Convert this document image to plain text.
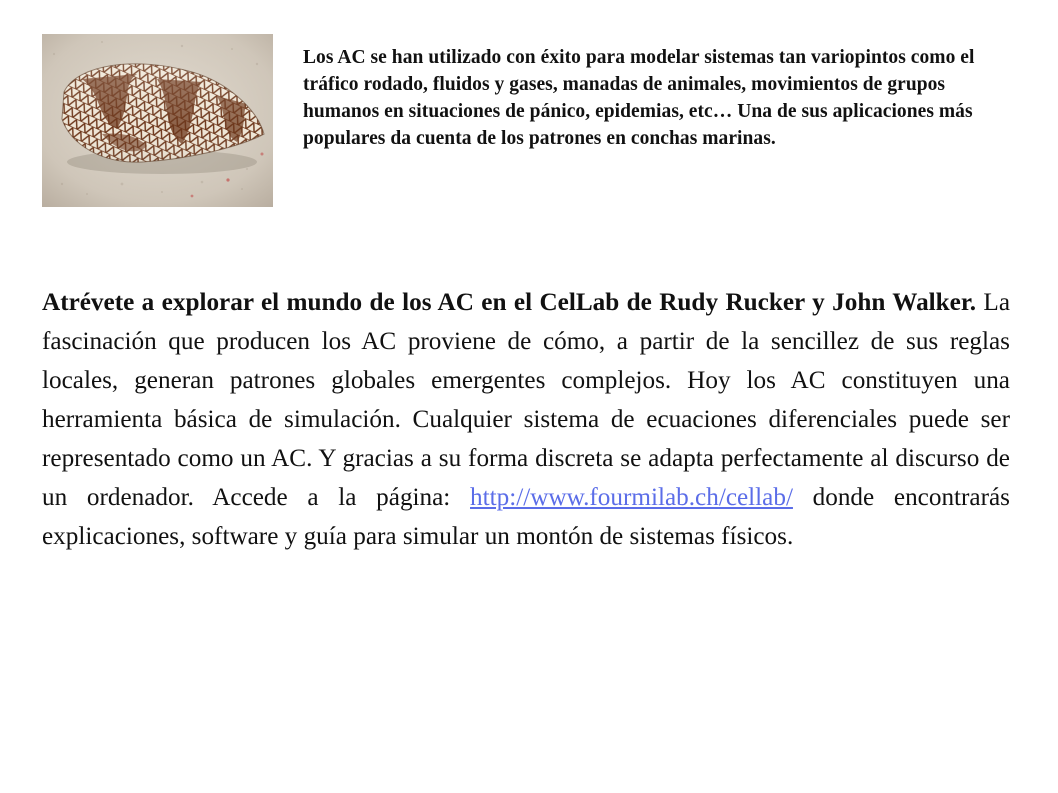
Los AC se han utilizado con éxito para modelar sistemas tan variopintos como el tráfico rodado, fluidos y gases, manadas de animales, movimientos de grupos humanos en situaciones de pánico, epidemias, etc… Una de sus aplicaciones más populares da cuenta de los patrones en conchas marinas.

Atrévete a explorar el mundo de los AC en el CelLab de Rudy Rucker y John Walker. La fascinación que producen los AC proviene de cómo, a partir de la sencillez de sus reglas locales, generan patrones globales emergentes complejos. Hoy los AC constituyen una herramienta básica de simulación. Cualquier sistema de ecuaciones diferenciales puede ser representado como un AC. Y gracias a su forma discreta se adapta perfectamente al discurso de un ordenador. Accede a la página: http://www.fourmilab.ch/cellab/ donde encontrarás explicaciones, software y guía para simular un montón de sistemas físicos.
